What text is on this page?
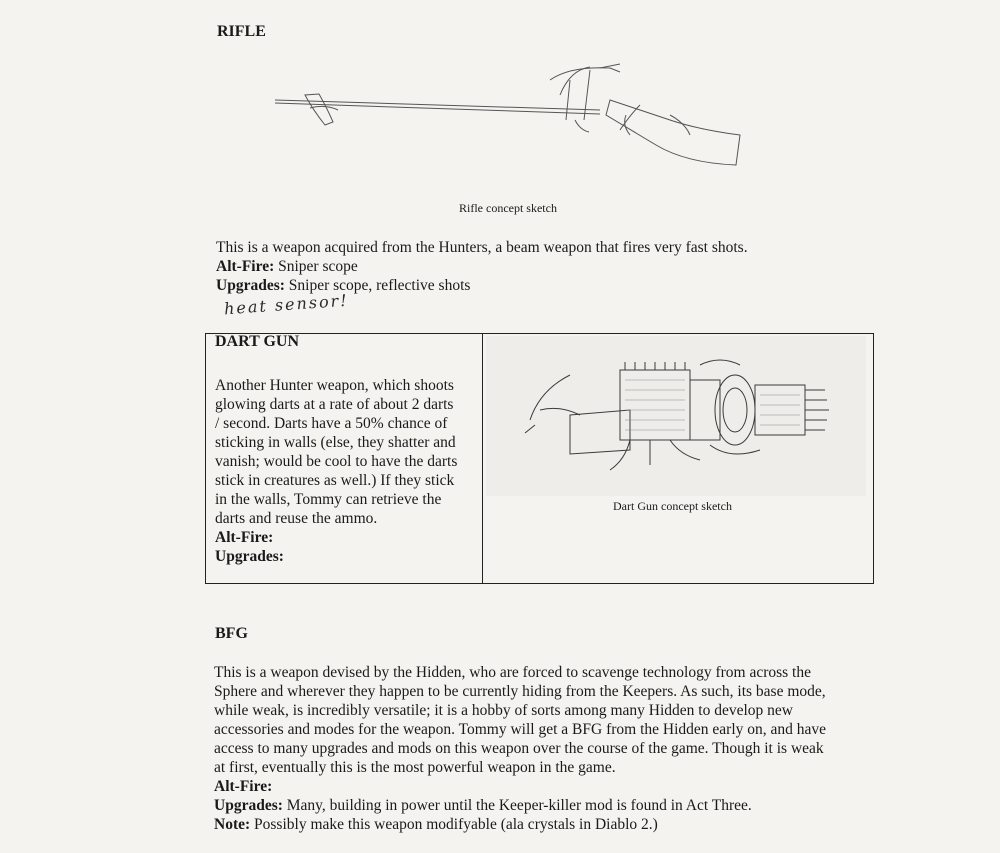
RIFLE
Rifle concept sketch
This is a weapon acquired from the Hunters, a beam weapon that fires very fast shots.
Alt-Fire: Sniper scope
Upgrades: Sniper scope, reflective shots
heat sensor!
DART GUN
Another Hunter weapon, which shoots
glowing darts at a rate of about 2 darts
/ second. Darts have a 50% chance of
sticking in walls (else, they shatter and
vanish; would be cool to have the darts
stick in creatures as well.) If they stick
in the walls, Tommy can retrieve the
darts and reuse the ammo.
Alt-Fire:
Upgrades:
Dart Gun concept sketch
BFG
This is a weapon devised by the Hidden, who are forced to scavenge technology from across the
Sphere and wherever they happen to be currently hiding from the Keepers. As such, its base mode,
while weak, is incredibly versatile; it is a hobby of sorts among many Hidden to develop new
accessories and modes for the weapon. Tommy will get a BFG from the Hidden early on, and have
access to many upgrades and mods on this weapon over the course of the game. Though it is weak
at first, eventually this is the most powerful weapon in the game.
Alt-Fire:
Upgrades: Many, building in power until the Keeper-killer mod is found in Act Three.
Note: Possibly make this weapon modifyable (ala crystals in Diablo 2.)
